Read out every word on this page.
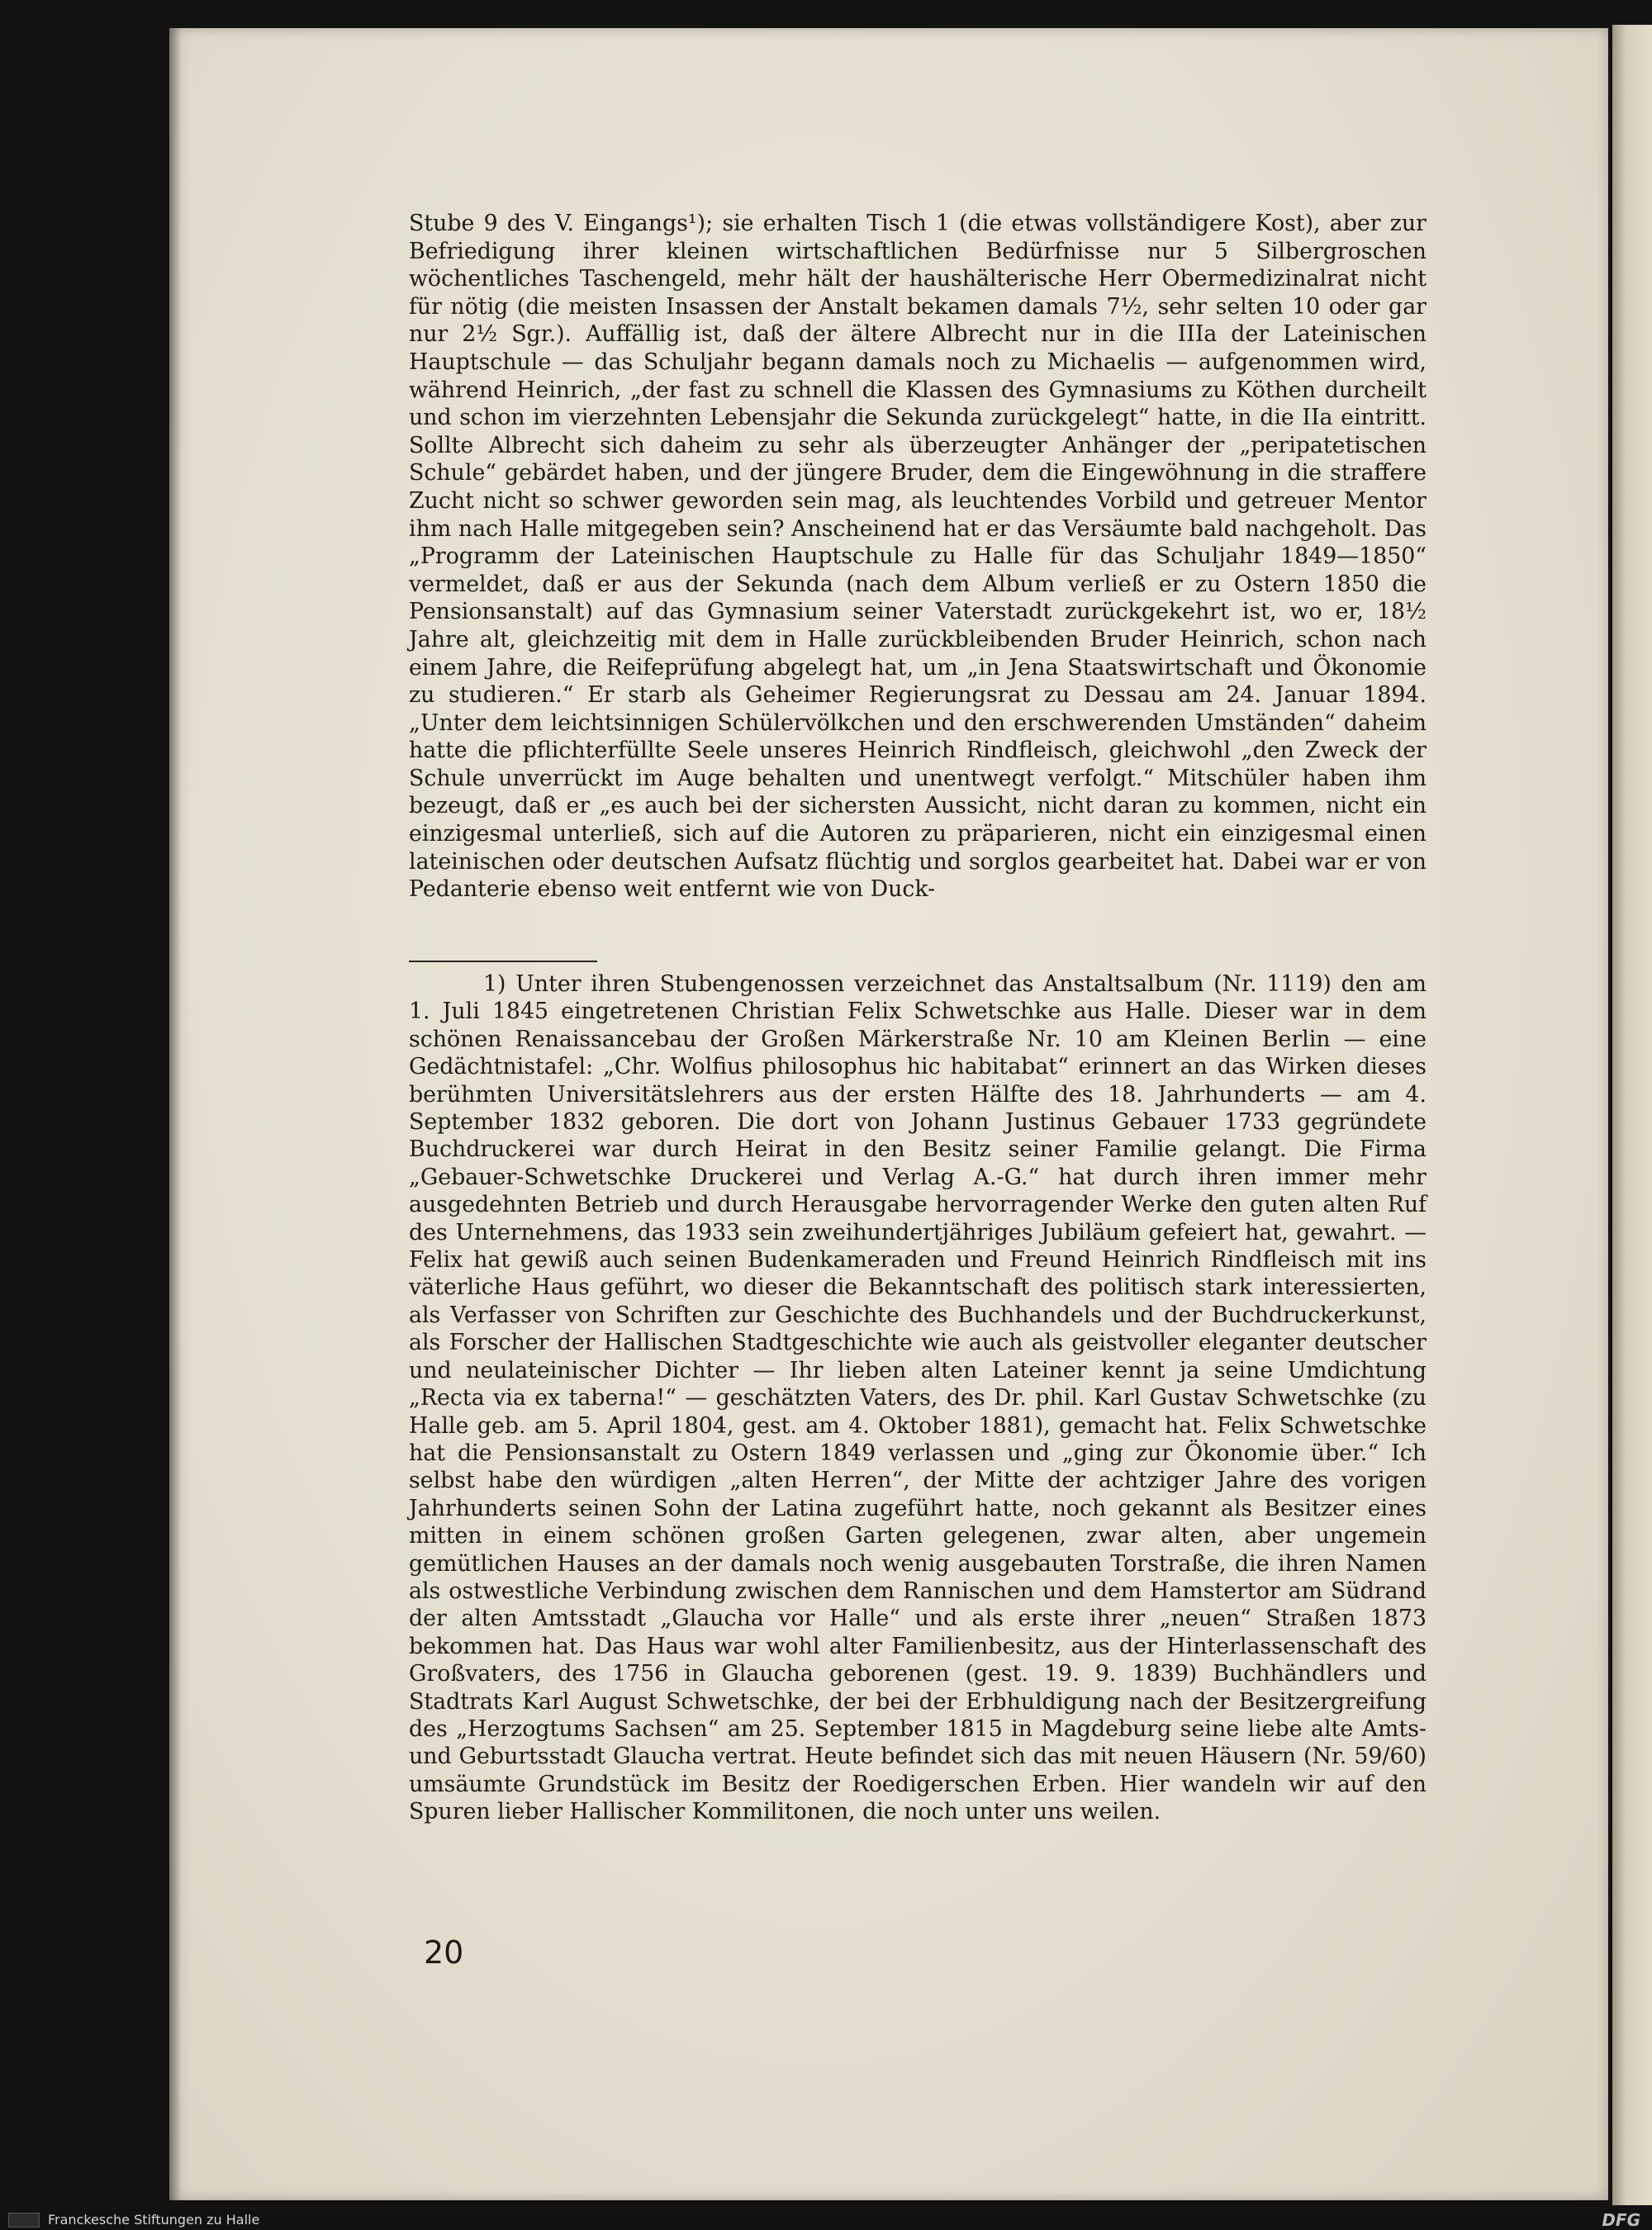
Stube 9 des V. Eingangs¹); sie erhalten Tisch 1 (die etwas vollständigere Kost), aber zur Befriedigung ihrer kleinen wirtschaftlichen Bedürfnisse nur 5 Silbergroschen wöchentliches Taschengeld, mehr hält der haushälterische Herr Obermedizinalrat nicht für nötig (die meisten Insassen der Anstalt bekamen damals 7½, sehr selten 10 oder gar nur 2½ Sgr.). Auffällig ist, daß der ältere Albrecht nur in die IIIa der Lateinischen Hauptschule — das Schuljahr begann damals noch zu Michaelis — aufgenommen wird, während Heinrich, „der fast zu schnell die Klassen des Gymnasiums zu Köthen durcheilt und schon im vierzehnten Lebensjahr die Sekunda zurückgelegt“ hatte, in die IIa eintritt. Sollte Albrecht sich daheim zu sehr als überzeugter Anhänger der „peripatetischen Schule“ gebärdet haben, und der jüngere Bruder, dem die Eingewöhnung in die straffere Zucht nicht so schwer geworden sein mag, als leuchtendes Vorbild und getreuer Mentor ihm nach Halle mitgegeben sein? Anscheinend hat er das Versäumte bald nachgeholt. Das „Programm der Lateinischen Hauptschule zu Halle für das Schuljahr 1849—1850“ vermeldet, daß er aus der Sekunda (nach dem Album verließ er zu Ostern 1850 die Pensionsanstalt) auf das Gymnasium seiner Vaterstadt zurückgekehrt ist, wo er, 18½ Jahre alt, gleichzeitig mit dem in Halle zurückbleibenden Bruder Heinrich, schon nach einem Jahre, die Reifeprüfung abgelegt hat, um „in Jena Staatswirtschaft und Ökonomie zu studieren.“ Er starb als Geheimer Regierungsrat zu Dessau am 24. Januar 1894. „Unter dem leichtsinnigen Schülervölkchen und den erschwerenden Umständen“ daheim hatte die pflichterfüllte Seele unseres Heinrich Rindfleisch, gleichwohl „den Zweck der Schule unverrückt im Auge behalten und unentwegt verfolgt.“ Mitschüler haben ihm bezeugt, daß er „es auch bei der sichersten Aussicht, nicht daran zu kommen, nicht ein einzigesmal unterließ, sich auf die Autoren zu präparieren, nicht ein einzigesmal einen lateinischen oder deutschen Aufsatz flüchtig und sorglos gearbeitet hat. Dabei war er von Pedanterie ebenso weit entfernt wie von Duck-

1) Unter ihren Stubengenossen verzeichnet das Anstaltsalbum (Nr. 1119) den am 1. Juli 1845 eingetretenen Christian Felix Schwetschke aus Halle. Dieser war in dem schönen Renaissancebau der Großen Märkerstraße Nr. 10 am Kleinen Berlin — eine Gedächtnistafel: „Chr. Wolfius philosophus hic habitabat“ erinnert an das Wirken dieses berühmten Universitätslehrers aus der ersten Hälfte des 18. Jahrhunderts — am 4. September 1832 geboren. Die dort von Johann Justinus Gebauer 1733 gegründete Buchdruckerei war durch Heirat in den Besitz seiner Familie gelangt. Die Firma „Gebauer-Schwetschke Druckerei und Verlag A.-G.“ hat durch ihren immer mehr ausgedehnten Betrieb und durch Herausgabe hervorragender Werke den guten alten Ruf des Unternehmens, das 1933 sein zweihundertjähriges Jubiläum gefeiert hat, gewahrt. — Felix hat gewiß auch seinen Budenkameraden und Freund Heinrich Rindfleisch mit ins väterliche Haus geführt, wo dieser die Bekanntschaft des politisch stark interessierten, als Verfasser von Schriften zur Geschichte des Buchhandels und der Buchdruckerkunst, als Forscher der Hallischen Stadtgeschichte wie auch als geistvoller eleganter deutscher und neulateinischer Dichter — Ihr lieben alten Lateiner kennt ja seine Umdichtung „Recta via ex taberna!“ — geschätzten Vaters, des Dr. phil. Karl Gustav Schwetschke (zu Halle geb. am 5. April 1804, gest. am 4. Oktober 1881), gemacht hat. Felix Schwetschke hat die Pensionsanstalt zu Ostern 1849 verlassen und „ging zur Ökonomie über.“ Ich selbst habe den würdigen „alten Herren“, der Mitte der achtziger Jahre des vorigen Jahrhunderts seinen Sohn der Latina zugeführt hatte, noch gekannt als Besitzer eines mitten in einem schönen großen Garten gelegenen, zwar alten, aber ungemein gemütlichen Hauses an der damals noch wenig ausgebauten Torstraße, die ihren Namen als ostwestliche Verbindung zwischen dem Rannischen und dem Hamstertor am Südrand der alten Amtsstadt „Glaucha vor Halle“ und als erste ihrer „neuen“ Straßen 1873 bekommen hat. Das Haus war wohl alter Familienbesitz, aus der Hinterlassenschaft des Großvaters, des 1756 in Glaucha geborenen (gest. 19. 9. 1839) Buchhändlers und Stadtrats Karl August Schwetschke, der bei der Erbhuldigung nach der Besitzergreifung des „Herzogtums Sachsen“ am 25. September 1815 in Magdeburg seine liebe alte Amts- und Geburtsstadt Glaucha vertrat. Heute befindet sich das mit neuen Häusern (Nr. 59/60) umsäumte Grundstück im Besitz der Roedigerschen Erben. Hier wandeln wir auf den Spuren lieber Hallischer Kommilitonen, die noch unter uns weilen.

20
Franckesche Stiftungen zu Halle	DFG
